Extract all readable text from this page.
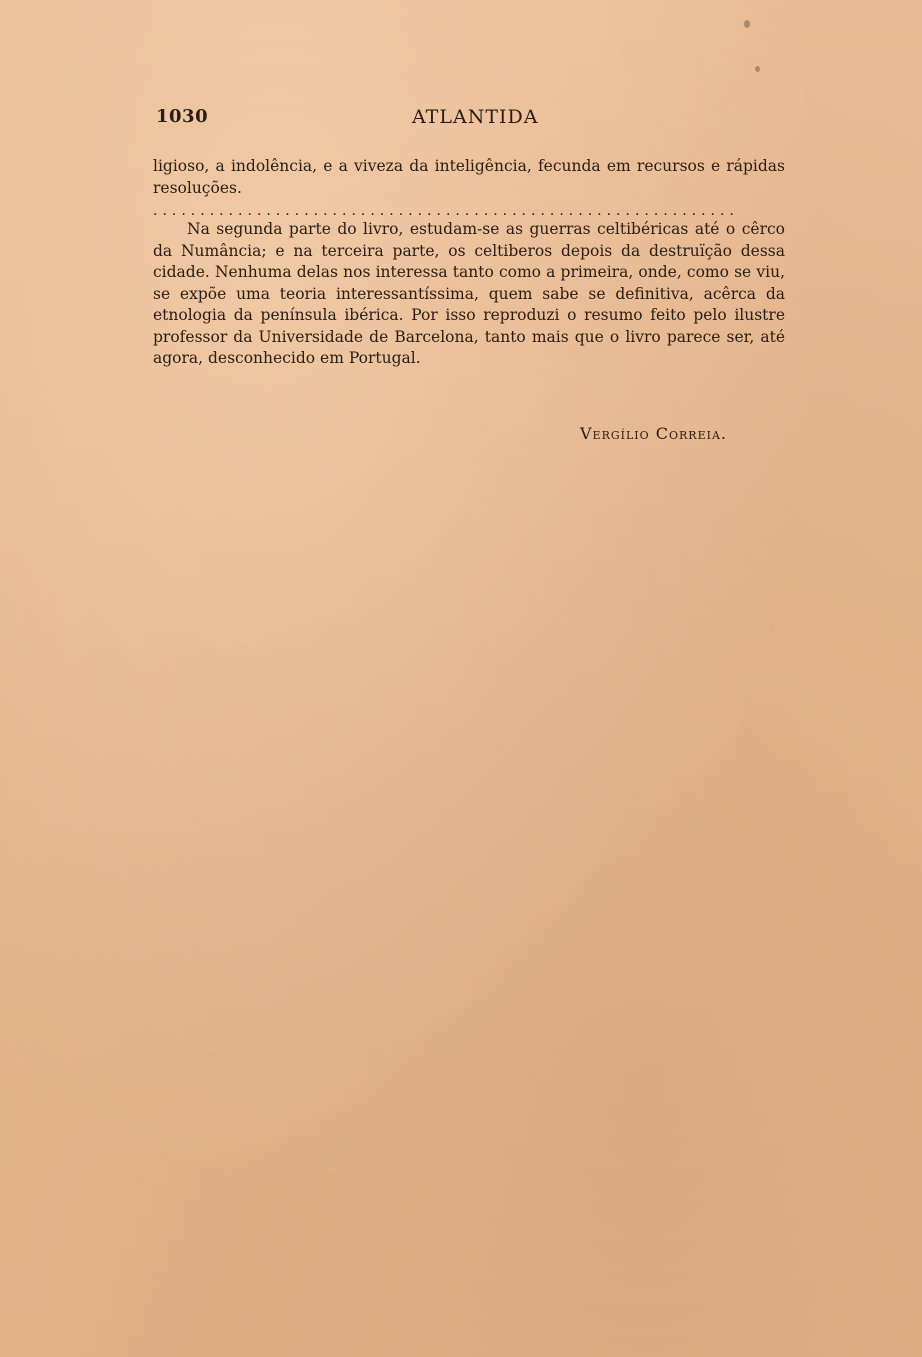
1030	ATLANTIDA

ligioso, a indolência, e a viveza da inteligência, fecunda em recursos e rápidas resoluções.

..............................................................

Na segunda parte do livro, estudam-se as guerras celtibéricas até o cêrco da Numância; e na terceira parte, os celtiberos depois da destruïção dessa cidade. Nenhuma delas nos interessa tanto como a primeira, onde, como se viu, se expõe uma teoria interessantíssima, quem sabe se definitiva, acêrca da etnologia da península ibérica. Por isso reproduzi o resumo feito pelo ilustre professor da Universidade de Barcelona, tanto mais que o livro parece ser, até agora, desconhecido em Portugal.

Vergílio Correia.
